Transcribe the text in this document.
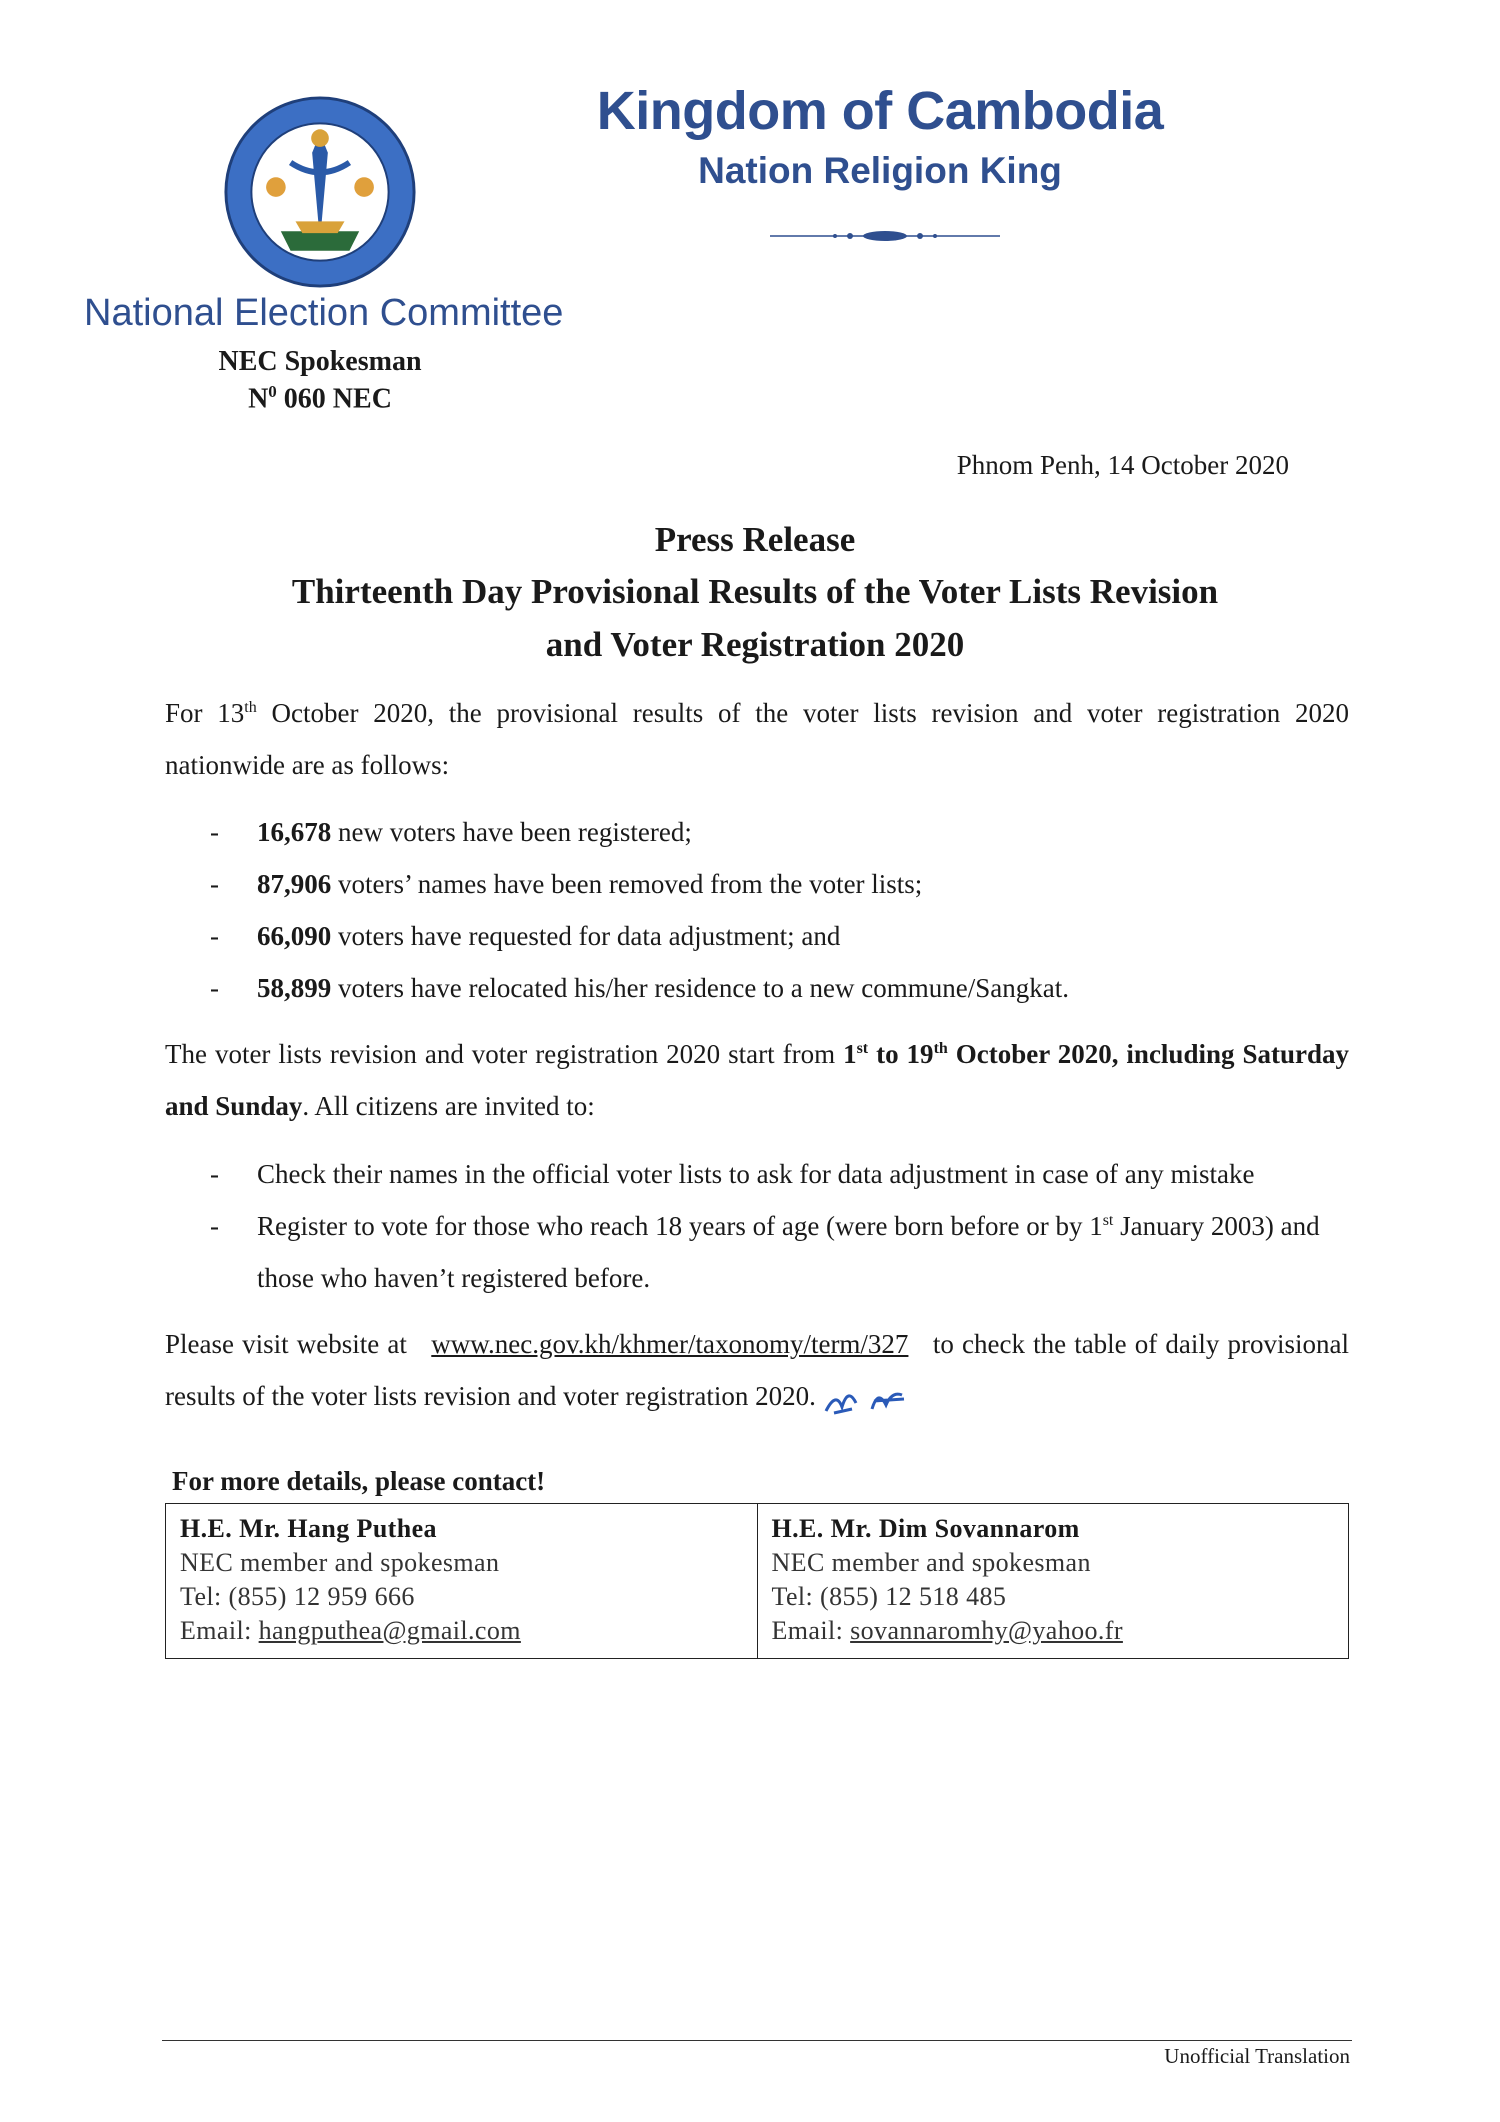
Kingdom of Cambodia
Nation Religion King
National Election Committee
NEC Spokesman
$N^0$ 060 NEC
Phnom Penh, 14 October 2020
Press Release
Thirteenth Day Provisional Results of the Voter Lists Revision
and Voter Registration 2020
For 13th October 2020, the provisional results of the voter lists revision and voter registration 2020 nationwide are as follows:
- 16,678 new voters have been registered;
- 87,906 voters’ names have been removed from the voter lists;
- 66,090 voters have requested for data adjustment; and
- 58,899 voters have relocated his/her residence to a new commune/Sangkat.
The voter lists revision and voter registration 2020 start from 1st to 19th October 2020, including Saturday and Sunday. All citizens are invited to:
- Check their names in the official voter lists to ask for data adjustment in case of any mistake
- Register to vote for those who reach 18 years of age (were born before or by 1st January 2003) and those who haven’t registered before.
Please visit website at   www.nec.gov.kh/khmer/taxonomy/term/327   to check the table of daily provisional results of the voter lists revision and voter registration 2020.
For more details, please contact!
H.E. Mr. Hang Puthea
NEC member and spokesman
Tel: (855) 12 959 666
Email: hangputhea@gmail.com
H.E. Mr. Dim Sovannarom
NEC member and spokesman
Tel: (855) 12 518 485
Email: sovannaromhy@yahoo.fr
Unofficial Translation
